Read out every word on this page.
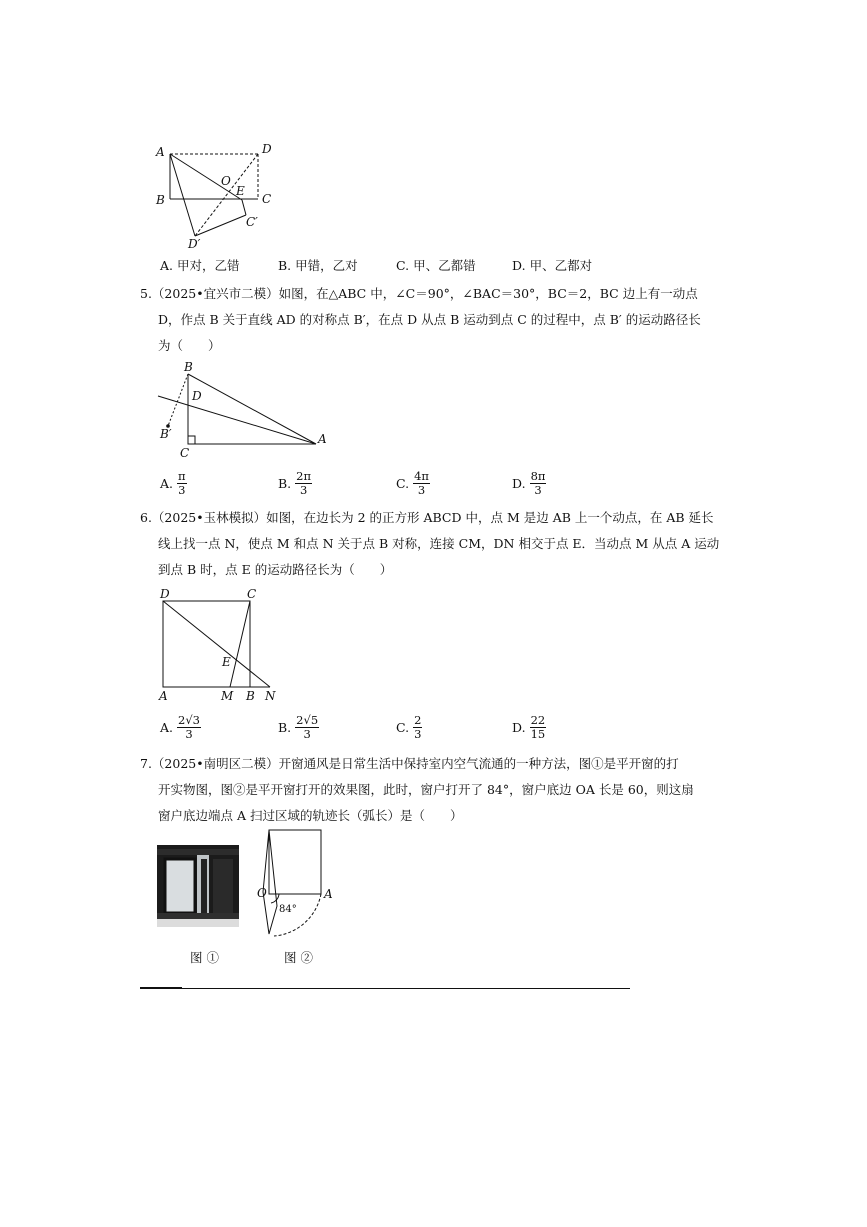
A	D
B	C
O
E
C′
D′
A. 甲对，乙错	B. 甲错，乙对	C. 甲、乙都错	D. 甲、乙都对
5.（2025•宜兴市二模）如图，在△ABC 中，∠C＝90°，∠BAC＝30°，BC＝2，BC 边上有一动点
D，作点 B 关于直线 AD 的对称点 B′，在点 D 从点 B 运动到点 C 的过程中，点 B′ 的运动路径长
为（　　）
B
D
B′
C
A
A. $\frac{\pi}{3}$	B. $\frac{2\pi}{3}$	C. $\frac{4\pi}{3}$	D. $\frac{8\pi}{3}$
6.（2025•玉林模拟）如图，在边长为 2 的正方形 ABCD 中，点 M 是边 AB 上一个动点，在 AB 延长
线上找一点 N，使点 M 和点 N 关于点 B 对称，连接 CM，DN 相交于点 E．当动点 M 从点 A 运动
到点 B 时，点 E 的运动路径长为（　　）
D	C
E
A	M B N
A. $\frac{2√3}{3}$	B. $\frac{2√5}{3}$	C. $\frac{2}{3}$	D. $\frac{22}{15}$
7.（2025•南明区二模）开窗通风是日常生活中保持室内空气流通的一种方法，图①是平开窗的打
开实物图，图②是平开窗打开的效果图，此时，窗户打开了 84°，窗户底边 OA 长是 60，则这扇
窗户底边端点 A 扫过区域的轨迹长（弧长）是（　　）
图 ①
O	A
84°
图 ②
